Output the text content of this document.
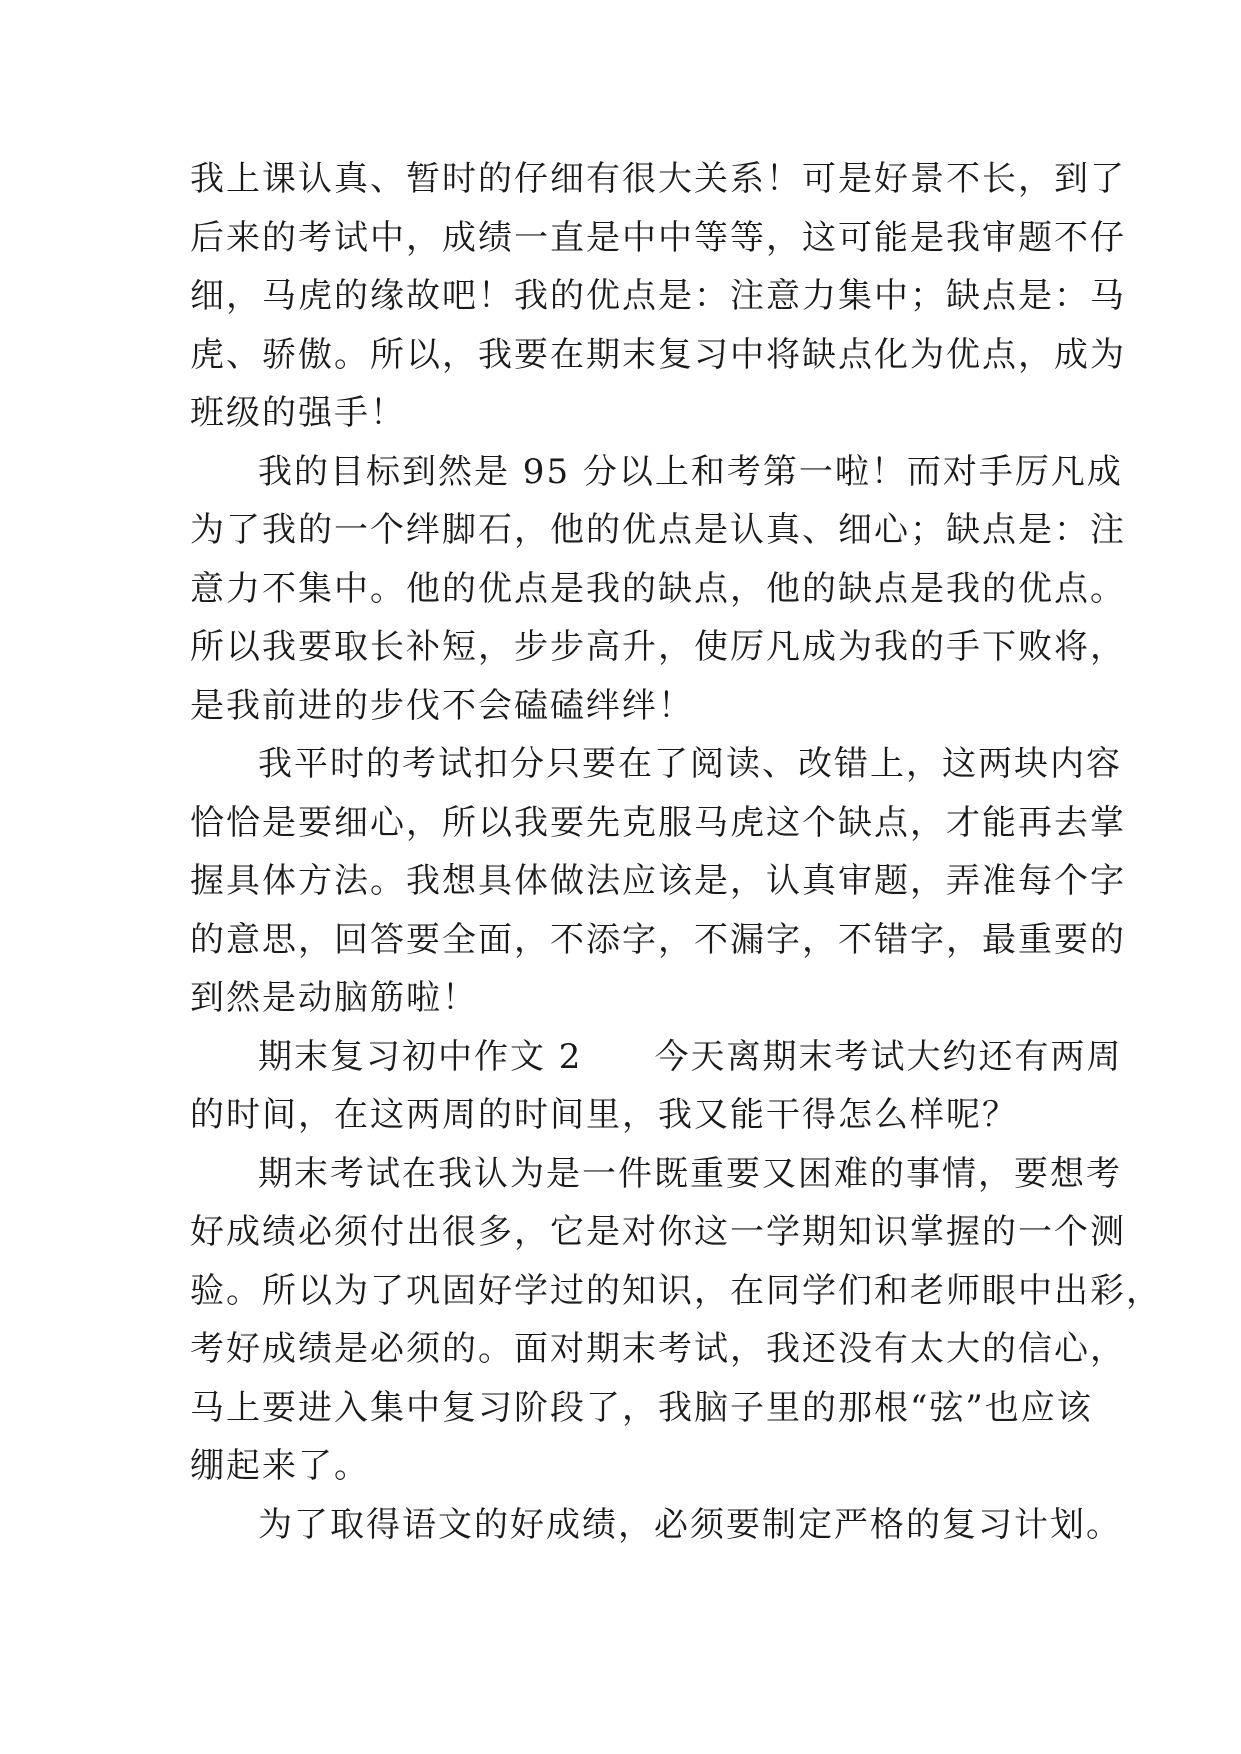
我上课认真、暂时的仔细有很大关系！可是好景不长，到了
后来的考试中，成绩一直是中中等等，这可能是我审题不仔
细，马虎的缘故吧！我的优点是：注意力集中；缺点是：马
虎、骄傲。所以，我要在期末复习中将缺点化为优点，成为
班级的强手！
我的目标到然是 95 分以上和考第一啦！而对手厉凡成
为了我的一个绊脚石，他的优点是认真、细心；缺点是：注
意力不集中。他的优点是我的缺点，他的缺点是我的优点。
所以我要取长补短，步步高升，使厉凡成为我的手下败将，
是我前进的步伐不会磕磕绊绊！
我平时的考试扣分只要在了阅读、改错上，这两块内容
恰恰是要细心，所以我要先克服马虎这个缺点，才能再去掌
握具体方法。我想具体做法应该是，认真审题，弄准每个字
的意思，回答要全面，不添字，不漏字，不错字，最重要的
到然是动脑筋啦！
期末复习初中作文 2　　今天离期末考试大约还有两周
的时间，在这两周的时间里，我又能干得怎么样呢？
期末考试在我认为是一件既重要又困难的事情，要想考
好成绩必须付出很多，它是对你这一学期知识掌握的一个测
验。所以为了巩固好学过的知识，在同学们和老师眼中出彩，
考好成绩是必须的。面对期末考试，我还没有太大的信心，
马上要进入集中复习阶段了，我脑子里的那根“弦”也应该
绷起来了。
为了取得语文的好成绩，必须要制定严格的复习计划。
